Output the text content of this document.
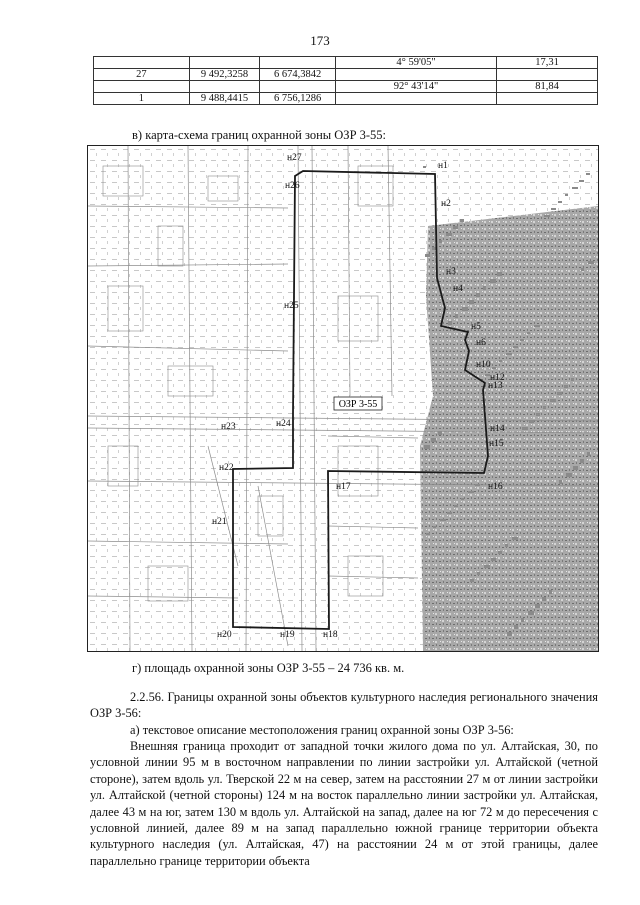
173
			4° 59'05"	17,31
27	9 492,3258	6 674,3842		
			92° 43'14"	81,84
1	9 488,4415	6 756,1286		
в) карта-схема границ охранной зоны ОЗР 3-55:
н1
н2
н3
н4
н5
н6
н10
н12
н13
н14
н15
н16
н17
н18
н19
н20
н21
н22
н23	н24
н25
н26
н27
ОЗР 3-55
г) площадь охранной зоны ОЗР 3-55 – 24 736 кв. м.

2.2.56. Границы охранной зоны объектов культурного наследия регионального значения ОЗР 3-56:

а) текстовое описание местоположения границ охранной зоны ОЗР 3-56:

Внешняя граница проходит от западной точки жилого дома по ул. Алтайская, 30, по условной линии 95 м в восточном направлении по линии застройки ул. Алтайской (четной стороне), затем вдоль ул. Тверской 22 м на север, затем на расстоянии 27 м от линии застройки ул. Алтайской (четной стороны) 124 м на восток параллельно линии застройки ул. Алтайская, далее 43 м на юг, затем 130 м вдоль ул. Алтайской на запад, далее на юг 72 м до пересечения с условной линией, далее 89 м на запад параллельно южной границе территории объекта культурного наследия (ул. Алтайская, 47) на расстоянии 24 м от этой границы, далее параллельно границе территории объекта
